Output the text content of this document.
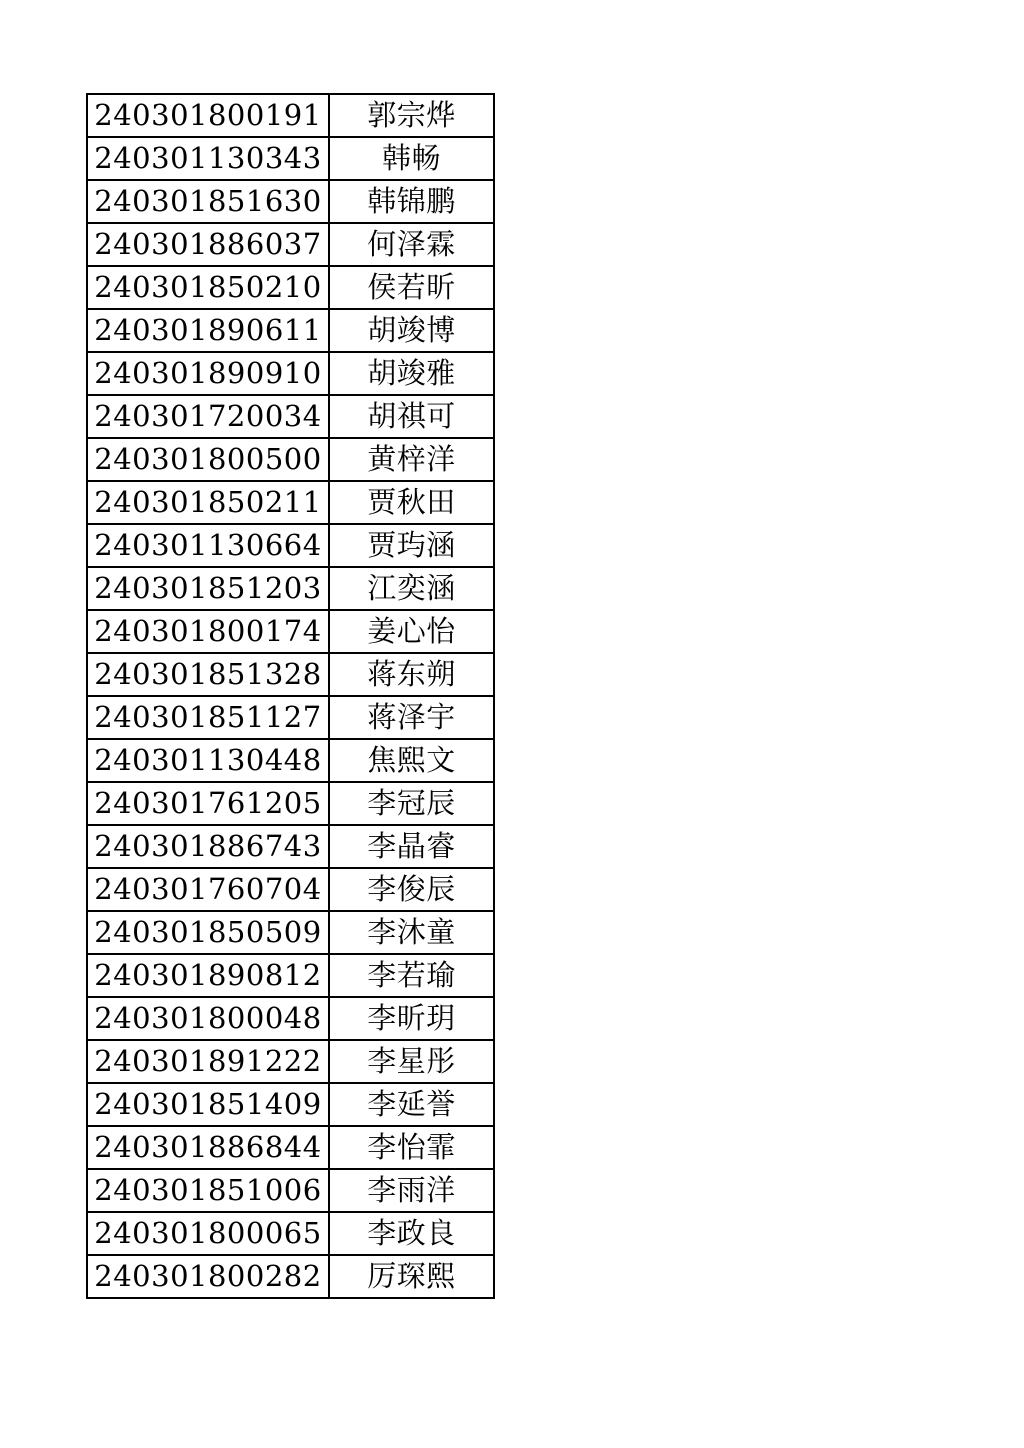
240301800191	郭宗烨
240301130343	韩畅
240301851630	韩锦鹏
240301886037	何泽霖
240301850210	侯若昕
240301890611	胡竣博
240301890910	胡竣雅
240301720034	胡祺可
240301800500	黄梓洋
240301850211	贾秋田
240301130664	贾玙涵
240301851203	江奕涵
240301800174	姜心怡
240301851328	蒋东朔
240301851127	蒋泽宇
240301130448	焦熙文
240301761205	李冠辰
240301886743	李晶睿
240301760704	李俊辰
240301850509	李沐童
240301890812	李若瑜
240301800048	李昕玥
240301891222	李星彤
240301851409	李延誉
240301886844	李怡霏
240301851006	李雨洋
240301800065	李政良
240301800282	厉琛熙
